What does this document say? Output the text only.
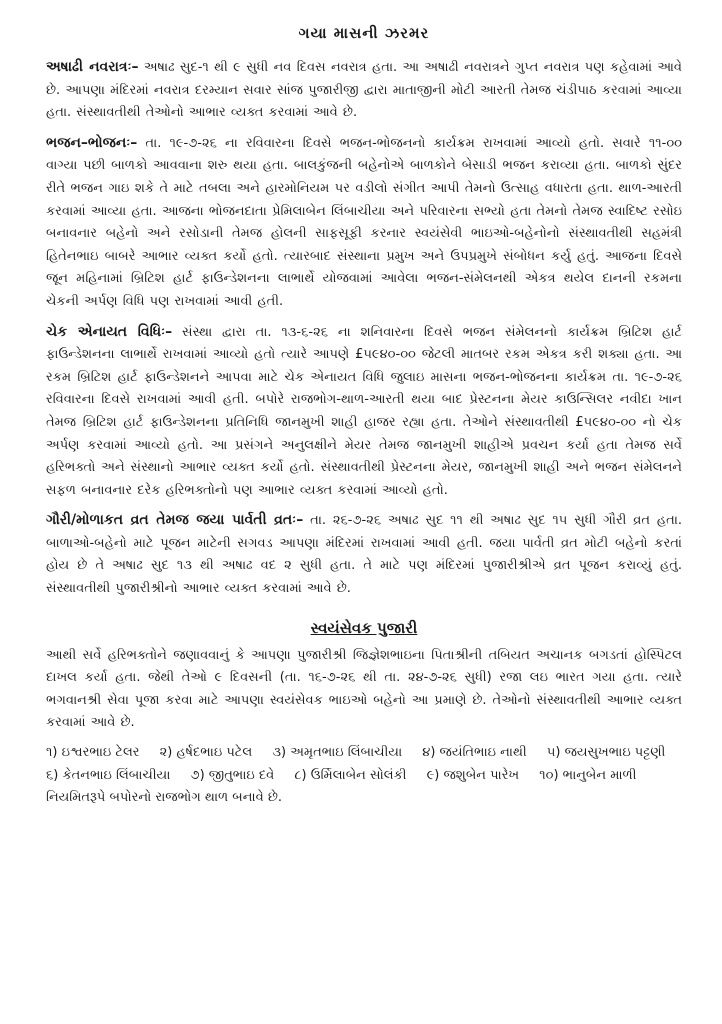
ગયા માસની ઝરમર

અષાઢી નવરાત્રઃ– અષાઢ સુદ-૧ થી ૯ સુધી નવ દિવસ નવરાત્ર હતા. આ અષાઢી નવરાત્રને ગુપ્ત નવરાત્ર પણ કહેવામાં આવે છે. આપણા મંદિરમાં નવરાત્ર દરમ્યાન સવાર સાંજ પુજારીજી દ્વારા માતાજીની મોટી આરતી તેમજ ચંડીપાઠ કરવામાં આવ્યા હતા. સંસ્થાવતીથી તેઓનો આભાર વ્યક્ત કરવામાં આવે છે.

ભજન–ભોજનઃ– તા. ૧૯-૭-૨૬ ના રવિવારના દિવસે ભજન-ભોજનનો કાર્યક્રમ રાખવામાં આવ્યો હતો. સવારે ૧૧-૦૦ વાગ્યા પછી બાળકો આવવાના શરુ થયા હતા. બાલકુંજની બહેનોએ બાળકોને બેસાડી ભજન કરાવ્યા હતા. બાળકો સુંદર રીતે ભજન ગાઇ શકે તે માટે તબલા અને હારમોનિયમ પર વડીલો સંગીત આપી તેમનો ઉત્સાહ વધારતા હતા. થાળ-આરતી કરવામાં આવ્યા હતા. આજના ભોજનદાતા પ્રેમિલાબેન લિંબાચીયા અને પરિવારના સભ્યો હતા તેમનો તેમજ સ્વાદિષ્ટ રસોઇ બનાવનાર બહેનો અને રસોડાની તેમજ હોલની સાફસૂફી કરનાર સ્વયંસેવી ભાઇઓ-બહેનોનો સંસ્થાવતીથી સહમંત્રી હિતેનભાઇ બાબરે આભાર વ્યક્ત કર્યો હતો. ત્યારબાદ સંસ્થાના પ્રમુખ અને ઉપપ્રમુખે સંબોધન કર્યુ હતું. આજના દિવસે જૂન મહિનામાં બ્રિટિશ હાર્ટ ફાઉન્ડેશનના લાભાર્થે યોજવામાં આવેલા ભજન-સંમેલનથી એકત્ર થયેલ દાનની રકમના ચેકની અર્પણ વિધિ પણ રાખવામાં આવી હતી.

ચેક એનાયત વિધિઃ– સંસ્થા દ્વારા તા. ૧૩-૬-૨૬ ના શનિવારના દિવસે ભજન સંમેલનનો કાર્યક્રમ બ્રિટિશ હાર્ટ ફાઉન્ડેશનના લાભાર્થે રાખવામાં આવ્યો હતો ત્યારે આપણે £૫૯૪૦-૦૦ જેટલી માતબર રકમ એકત્ર કરી શક્યા હતા. આ રકમ બ્રિટિશ હાર્ટ ફાઉન્ડેશનને આપવા માટે ચેક એનાયત વિધિ જુલાઇ માસના ભજન-ભોજનના કાર્યક્રમ તા. ૧૯-૭-૨૬ રવિવારના દિવસે રાખવામાં આવી હતી. બપોરે રાજભોગ-થાળ-આરતી થયા બાદ પ્રેસ્ટનના મેયર કાઉન્સિલર નવીદા ખાન તેમજ બ્રિટિશ હાર્ટ ફાઉન્ડેશનના પ્રતિનિધિ જાનમુખી શાહી હાજર રહ્યા હતા. તેઓને સંસ્થાવતીથી £૫૯૪૦-૦૦ નો ચેક અર્પણ કરવામાં આવ્યો હતો. આ પ્રસંગને અનુલક્ષીને મેયર તેમજ જાનમુખી શાહીએ પ્રવચન કર્યા હતા તેમજ સર્વે હરિભક્તો અને સંસ્થાનો આભાર વ્યક્ત કર્યો હતો. સંસ્થાવતીથી પ્રેસ્ટનના મેયર, જાનમુખી શાહી અને ભજન સંમેલનને સફળ બનાવનાર દરેક હરિભક્તોનો પણ આભાર વ્યક્ત કરવામાં આવ્યો હતો.

ગૌરી/મોળાકત વ્રત તેમજ જયા પાર્વતી વ્રતઃ– તા. ૨૬-૭-૨૬ અષાઢ સુદ ૧૧ થી અષાઢ સુદ ૧૫ સુધી ગૌરી વ્રત હતા. બાળાઓ-બહેનો માટે પૂજન માટેની સગવડ આપણા મંદિરમાં રાખવામાં આવી હતી. જયા પાર્વતી વ્રત મોટી બહેનો કરતાં હોય છે તે અષાઢ સુદ ૧૩ થી અષાઢ વદ ૨ સુધી હતા. તે માટે પણ મંદિરમાં પુજારીશ્રીએ વ્રત પૂજન કરાવ્યું હતું. સંસ્થાવતીથી પુજારીશ્રીનો આભાર વ્યક્ત કરવામાં આવે છે.

સ્વયંસેવક પુજારી

આથી સર્વે હરિભક્તોને જણાવવાનું કે આપણા પુજારીશ્રી જિજ્ઞેશભાઇના પિતાશ્રીની તબિયત અચાનક બગડતાં હોસ્પિટલ દાખલ કર્યા હતા. જેથી તેઓ ૯ દિવસની (તા. ૧૬-૭-૨૬ થી તા. ૨૪-૭-૨૬ સુધી) રજા લઇ ભારત ગયા હતા. ત્યારે ભગવાનશ્રી સેવા પૂજા કરવા માટે આપણા સ્વયંસેવક ભાઇઓ બહેનો આ પ્રમાણે છે. તેઓનો સંસ્થાવતીથી આભાર વ્યક્ત કરવામાં આવે છે.

૧) ઇશ્વરભાઇ ટેલર ૨) હર્ષદભાઇ પટેલ ૩) અમૃતભાઇ લિંબાચીયા ૪) જયંતિભાઇ નાથી ૫) જયસુખભાઇ પટ્ટણી ૬) કેતનભાઇ લિંબાચીયા ૭) જીતુભાઇ દવે ૮) ઉર્મિલાબેન સોલંકી ૯) જશુબેન પારેખ ૧૦) ભાનુબેન માળી નિયમિતરૂપે બપોરનો રાજભોગ થાળ બનાવે છે.
